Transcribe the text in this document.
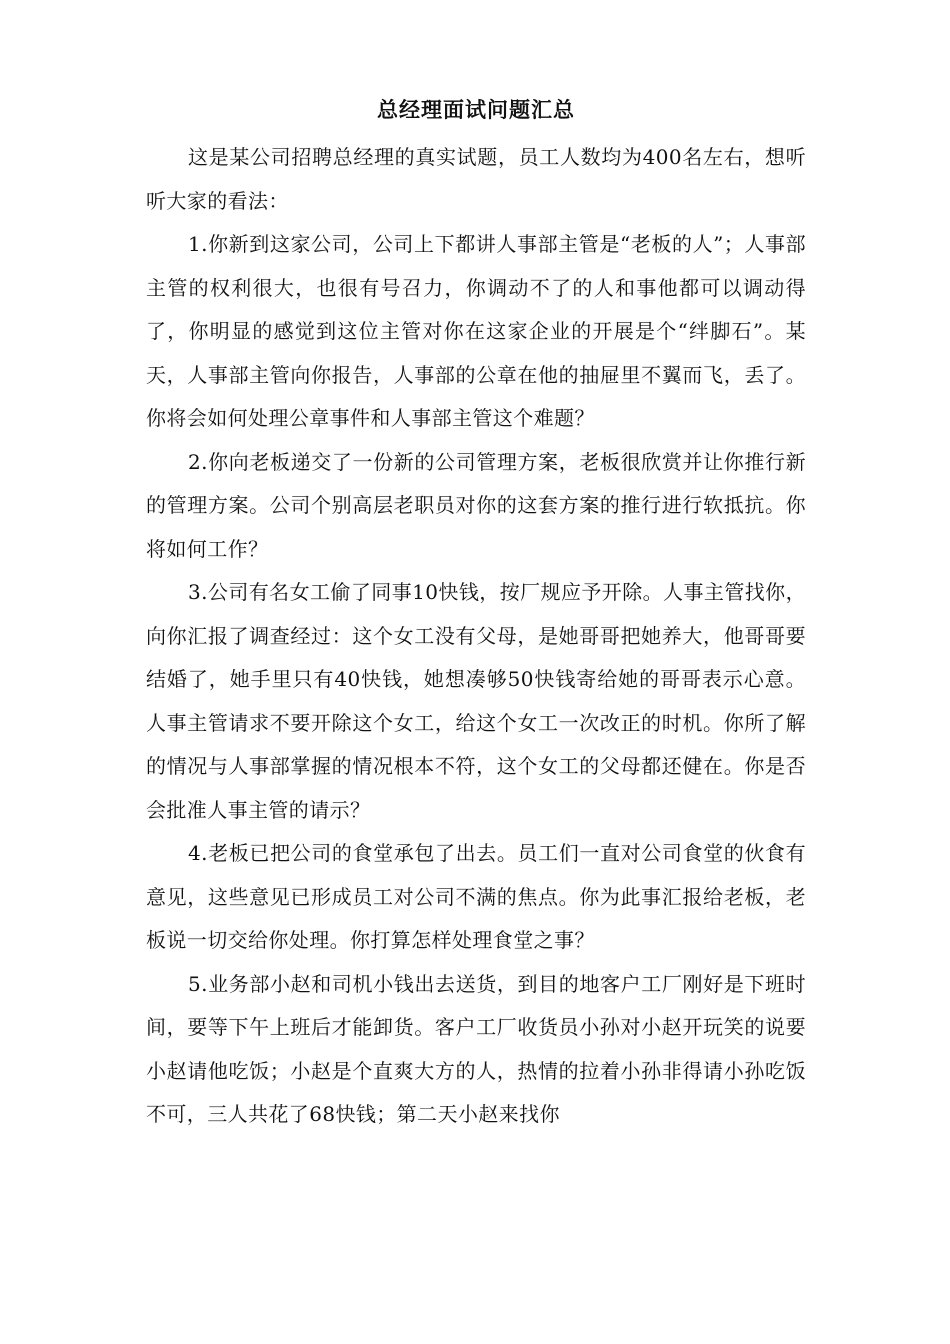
总经理面试问题汇总

这是某公司招聘总经理的真实试题，员工人数均为400名左右，想听听大家的看法：

1.你新到这家公司，公司上下都讲人事部主管是“老板的人”；人事部主管的权利很大，也很有号召力，你调动不了的人和事他都可以调动得了，你明显的感觉到这位主管对你在这家企业的开展是个“绊脚石”。某天，人事部主管向你报告，人事部的公章在他的抽屉里不翼而飞，丢了。你将会如何处理公章事件和人事部主管这个难题？

2.你向老板递交了一份新的公司管理方案，老板很欣赏并让你推行新的管理方案。公司个别高层老职员对你的这套方案的推行进行软抵抗。你将如何工作？

3.公司有名女工偷了同事10快钱，按厂规应予开除。人事主管找你，向你汇报了调查经过：这个女工没有父母，是她哥哥把她养大，他哥哥要结婚了，她手里只有40快钱，她想凑够50快钱寄给她的哥哥表示心意。人事主管请求不要开除这个女工，给这个女工一次改正的时机。你所了解的情况与人事部掌握的情况根本不符，这个女工的父母都还健在。你是否会批准人事主管的请示？

4.老板已把公司的食堂承包了出去。员工们一直对公司食堂的伙食有意见，这些意见已形成员工对公司不满的焦点。你为此事汇报给老板，老板说一切交给你处理。你打算怎样处理食堂之事？

5.业务部小赵和司机小钱出去送货，到目的地客户工厂刚好是下班时间，要等下午上班后才能卸货。客户工厂收货员小孙对小赵开玩笑的说要小赵请他吃饭；小赵是个直爽大方的人，热情的拉着小孙非得请小孙吃饭不可，三人共花了68快钱；第二天小赵来找你
